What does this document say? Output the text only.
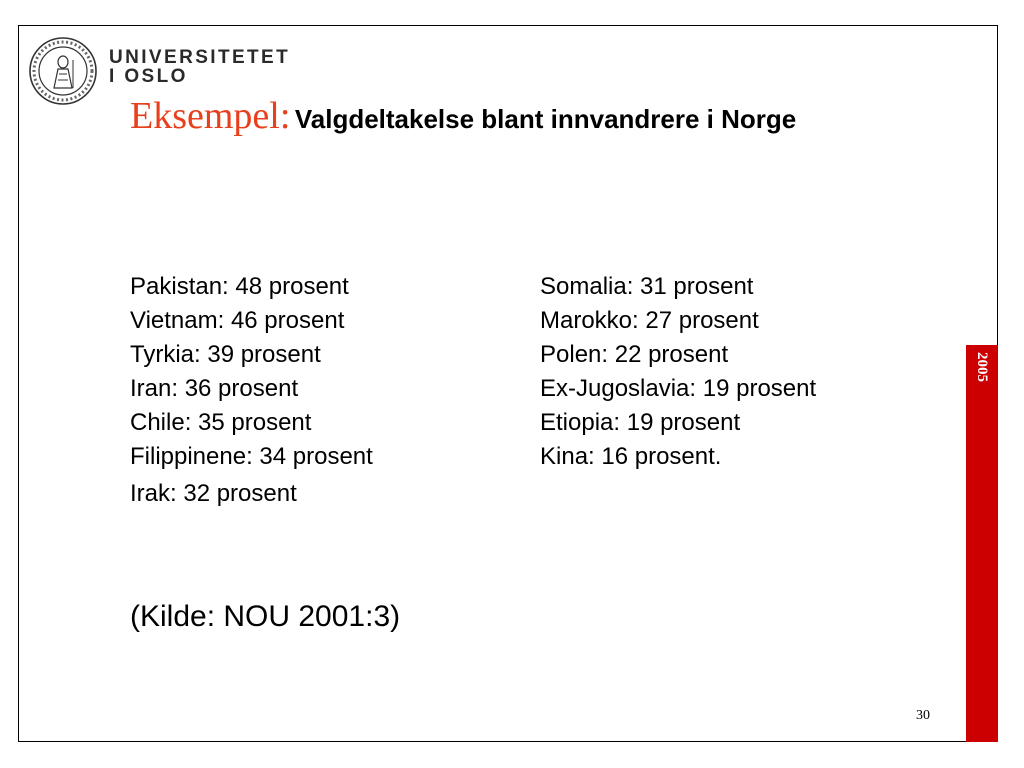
2005
UNIVERSITETET
I OSLO
Eksempel: Valgdeltakelse blant innvandrere i Norge
Pakistan: 48 prosent
Vietnam: 46 prosent
Tyrkia: 39 prosent
Iran: 36 prosent
Chile: 35 prosent
Filippinene: 34 prosent
Irak: 32 prosent
Somalia: 31 prosent
Marokko: 27 prosent
Polen: 22 prosent
Ex-Jugoslavia: 19 prosent
Etiopia: 19 prosent
Kina: 16 prosent.
(Kilde: NOU 2001:3)
30
